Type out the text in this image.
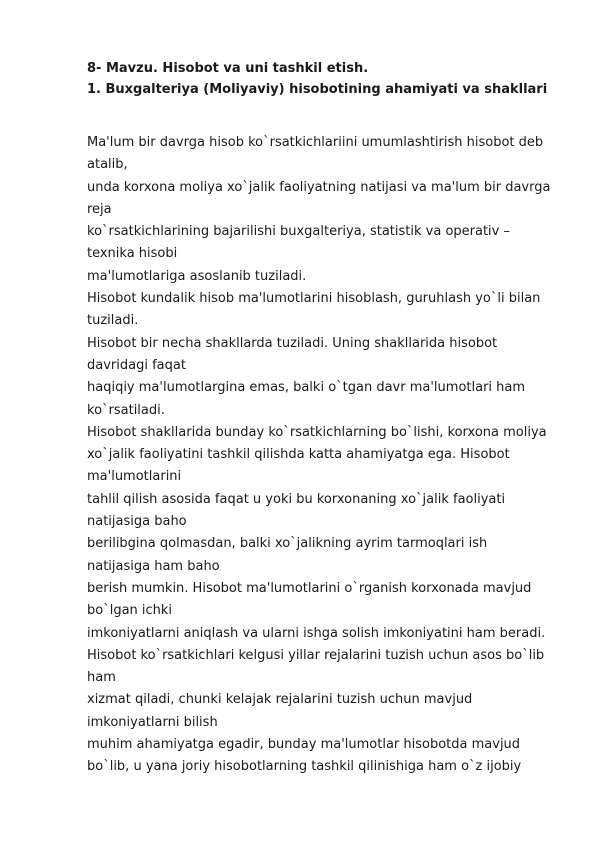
8- Mavzu. Hisobot va uni tashkil etish.
1. Buxgalteriya (Moliyaviy) hisobotining ahamiyati va shakllari
Ma'lum bir davrga hisob ko`rsatkichlariini umumlashtirish hisobot deb
atalib,
unda korxona moliya xo`jalik faoliyatning natijasi va ma'lum bir davrga
reja
ko`rsatkichlarining bajarilishi buxgalteriya, statistik va operativ –
texnika hisobi
ma'lumotlariga asoslanib tuziladi.
Hisobot kundalik hisob ma'lumotlarini hisoblash, guruhlash yo`li bilan
tuziladi.
Hisobot bir necha shakllarda tuziladi. Uning shakllarida hisobot
davridagi faqat
haqiqiy ma'lumotlargina emas, balki o`tgan davr ma'lumotlari ham
ko`rsatiladi.
Hisobot shakllarida bunday ko`rsatkichlarning bo`lishi, korxona moliya
xo`jalik faoliyatini tashkil qilishda katta ahamiyatga ega. Hisobot
ma'lumotlarini
tahlil qilish asosida faqat u yoki bu korxonaning xo`jalik faoliyati
natijasiga baho
berilibgina qolmasdan, balki xo`jalikning ayrim tarmoqlari ish
natijasiga ham baho
berish mumkin. Hisobot ma'lumotlarini o`rganish korxonada mavjud
bo`lgan ichki
imkoniyatlarni aniqlash va ularni ishga solish imkoniyatini ham beradi.
Hisobot ko`rsatkichlari kelgusi yillar rejalarini tuzish uchun asos bo`lib
ham
xizmat qiladi, chunki kelajak rejalarini tuzish uchun mavjud
imkoniyatlarni bilish
muhim ahamiyatga egadir, bunday ma'lumotlar hisobotda mavjud
bo`lib, u yana joriy hisobotlarning tashkil qilinishiga ham o`z ijobiy
